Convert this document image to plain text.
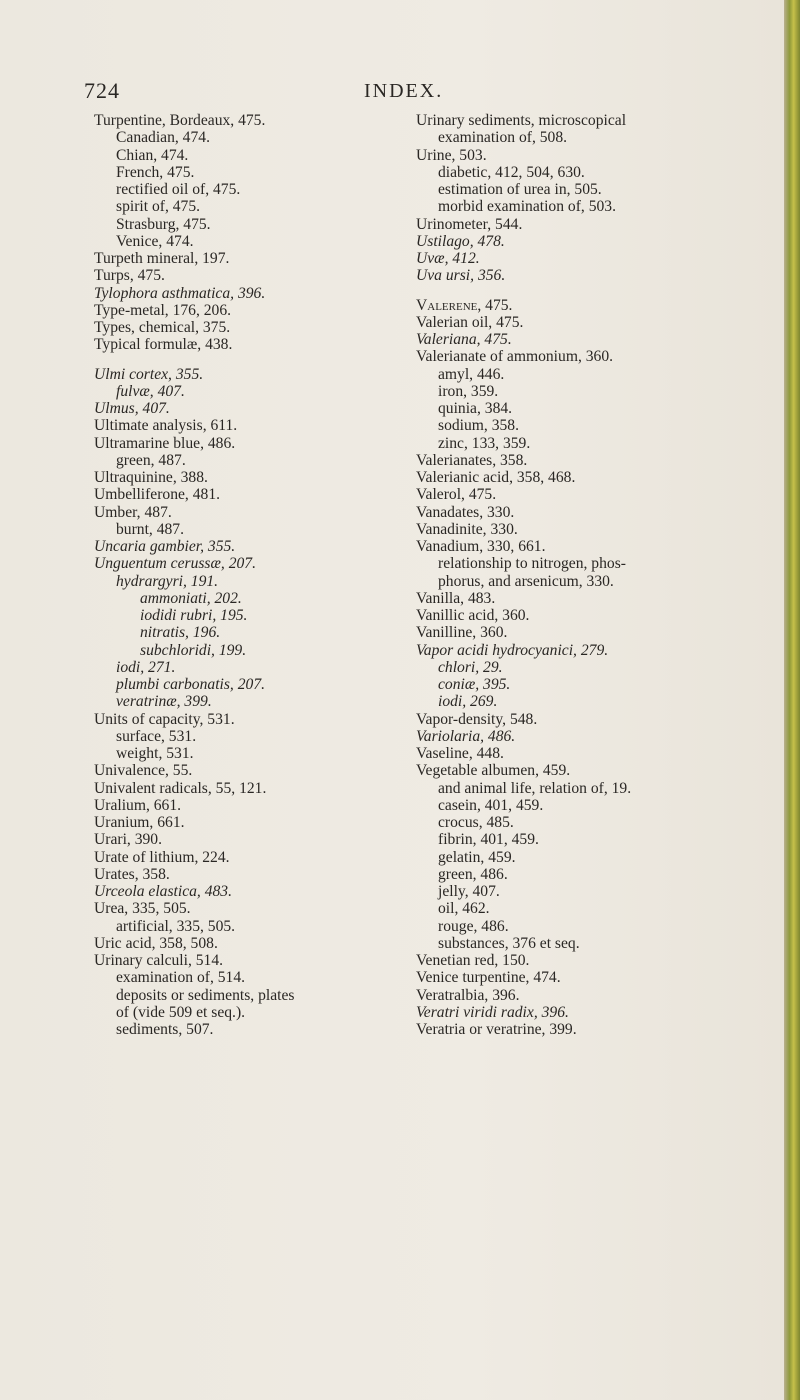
724	INDEX.
Turpentine, Bordeaux, 475.
Canadian, 474.
Chian, 474.
French, 475.
rectified oil of, 475.
spirit of, 475.
Strasburg, 475.
Venice, 474.
Turpeth mineral, 197.
Turps, 475.
Tylophora asthmatica, 396.
Type-metal, 176, 206.
Types, chemical, 375.
Typical formulæ, 438.
Ulmi cortex, 355.
fulvæ, 407.
Ulmus, 407.
Ultimate analysis, 611.
Ultramarine blue, 486.
green, 487.
Ultraquinine, 388.
Umbelliferone, 481.
Umber, 487.
burnt, 487.
Uncaria gambier, 355.
Unguentum cerussæ, 207.
hydrargyri, 191.
ammoniati, 202.
iodidi rubri, 195.
nitratis, 196.
subchloridi, 199.
iodi, 271.
plumbi carbonatis, 207.
veratrinæ, 399.
Units of capacity, 531.
surface, 531.
weight, 531.
Univalence, 55.
Univalent radicals, 55, 121.
Uralium, 661.
Uranium, 661.
Urari, 390.
Urate of lithium, 224.
Urates, 358.
Urceola elastica, 483.
Urea, 335, 505.
artificial, 335, 505.
Uric acid, 358, 508.
Urinary calculi, 514.
examination of, 514.
deposits or sediments, plates
of (vide 509 et seq.).
sediments, 507.
Urinary sediments, microscopical
examination of, 508.
Urine, 503.
diabetic, 412, 504, 630.
estimation of urea in, 505.
morbid examination of, 503.
Urinometer, 544.
Ustilago, 478.
Uvæ, 412.
Uva ursi, 356.
Valerene, 475.
Valerian oil, 475.
Valeriana, 475.
Valerianate of ammonium, 360.
amyl, 446.
iron, 359.
quinia, 384.
sodium, 358.
zinc, 133, 359.
Valerianates, 358.
Valerianic acid, 358, 468.
Valerol, 475.
Vanadates, 330.
Vanadinite, 330.
Vanadium, 330, 661.
relationship to nitrogen, phos-
phorus, and arsenicum, 330.
Vanilla, 483.
Vanillic acid, 360.
Vanilline, 360.
Vapor acidi hydrocyanici, 279.
chlori, 29.
coniæ, 395.
iodi, 269.
Vapor-density, 548.
Variolaria, 486.
Vaseline, 448.
Vegetable albumen, 459.
and animal life, relation of, 19.
casein, 401, 459.
crocus, 485.
fibrin, 401, 459.
gelatin, 459.
green, 486.
jelly, 407.
oil, 462.
rouge, 486.
substances, 376 et seq.
Venetian red, 150.
Venice turpentine, 474.
Veratralbia, 396.
Veratri viridi radix, 396.
Veratria or veratrine, 399.
